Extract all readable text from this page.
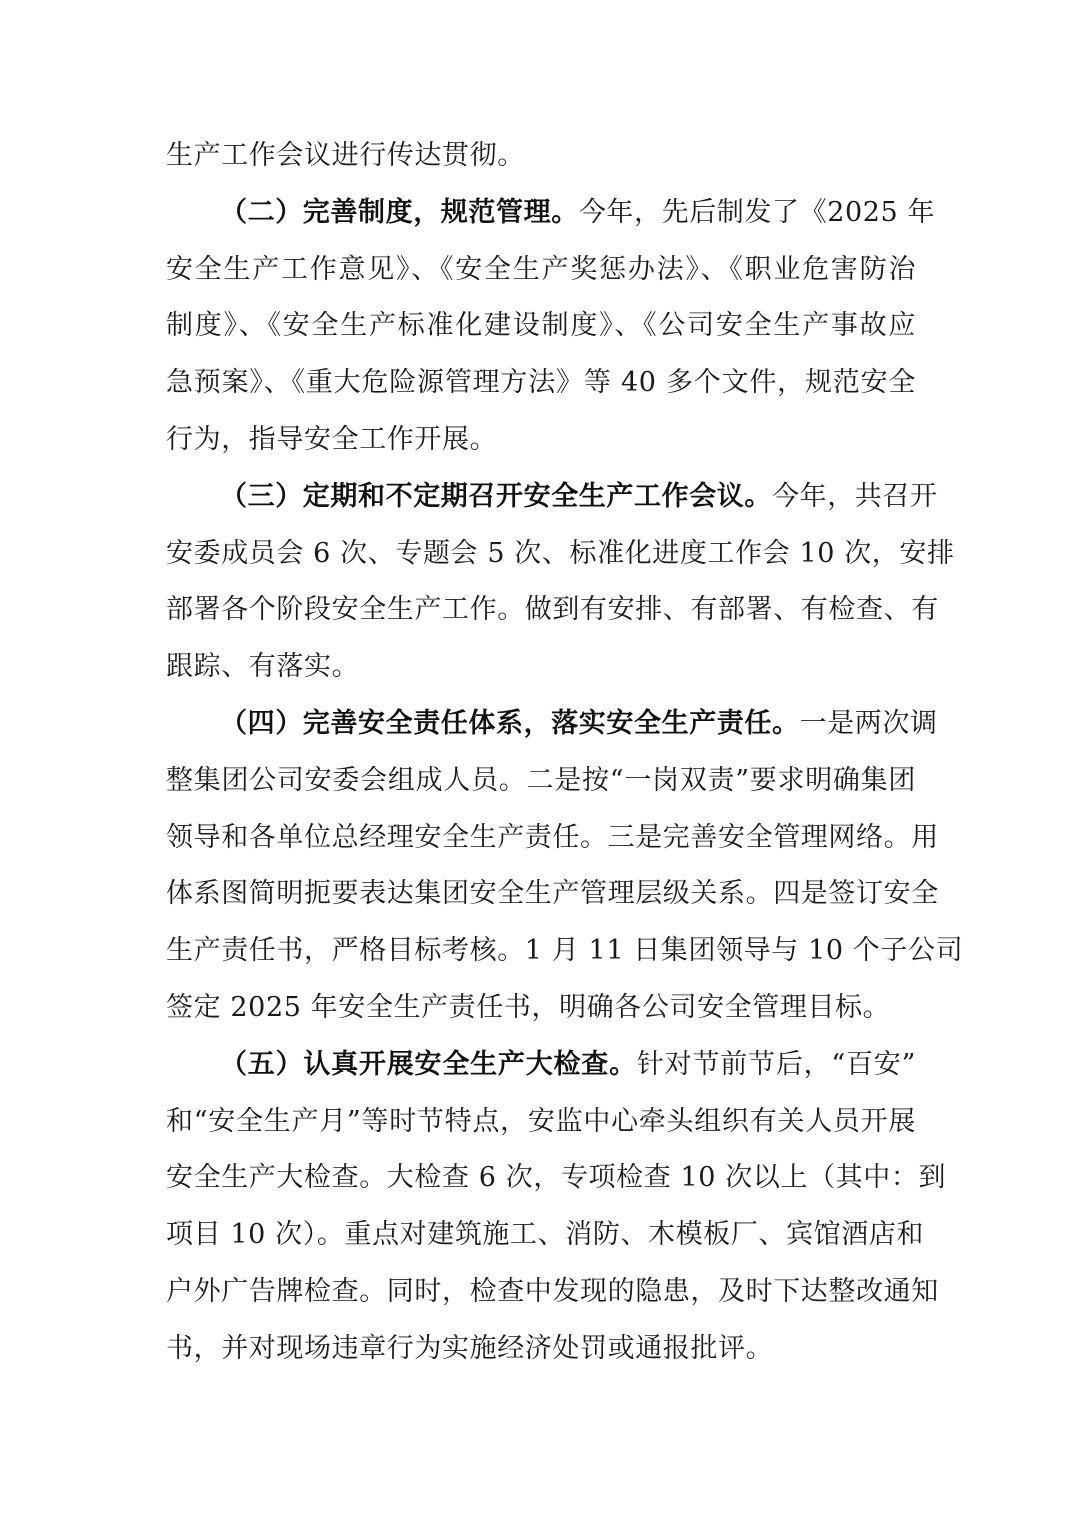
生产工作会议进行传达贯彻。
（二）完善制度，规范管理。今年，先后制发了《2025 年
安全生产工作意见》、《安全生产奖惩办法》、《职业危害防治
制度》、《安全生产标准化建设制度》、《公司安全生产事故应
急预案》、《重大危险源管理方法》等 40 多个文件，规范安全
行为，指导安全工作开展。
（三）定期和不定期召开安全生产工作会议。今年，共召开
安委成员会 6 次、专题会 5 次、标准化进度工作会 10 次，安排
部署各个阶段安全生产工作。做到有安排、有部署、有检查、有
跟踪、有落实。
（四）完善安全责任体系，落实安全生产责任。一是两次调
整集团公司安委会组成人员。二是按“一岗双责”要求明确集团
领导和各单位总经理安全生产责任。三是完善安全管理网络。用
体系图简明扼要表达集团安全生产管理层级关系。四是签订安全
生产责任书，严格目标考核。1 月 11 日集团领导与 10 个子公司
签定 2025 年安全生产责任书，明确各公司安全管理目标。
（五）认真开展安全生产大检查。针对节前节后，“百安”
和“安全生产月”等时节特点，安监中心牵头组织有关人员开展
安全生产大检查。大检查 6 次，专项检查 10 次以上（其中：到
项目 10 次）。重点对建筑施工、消防、木模板厂、宾馆酒店和
户外广告牌检查。同时，检查中发现的隐患，及时下达整改通知
书，并对现场违章行为实施经济处罚或通报批评。
